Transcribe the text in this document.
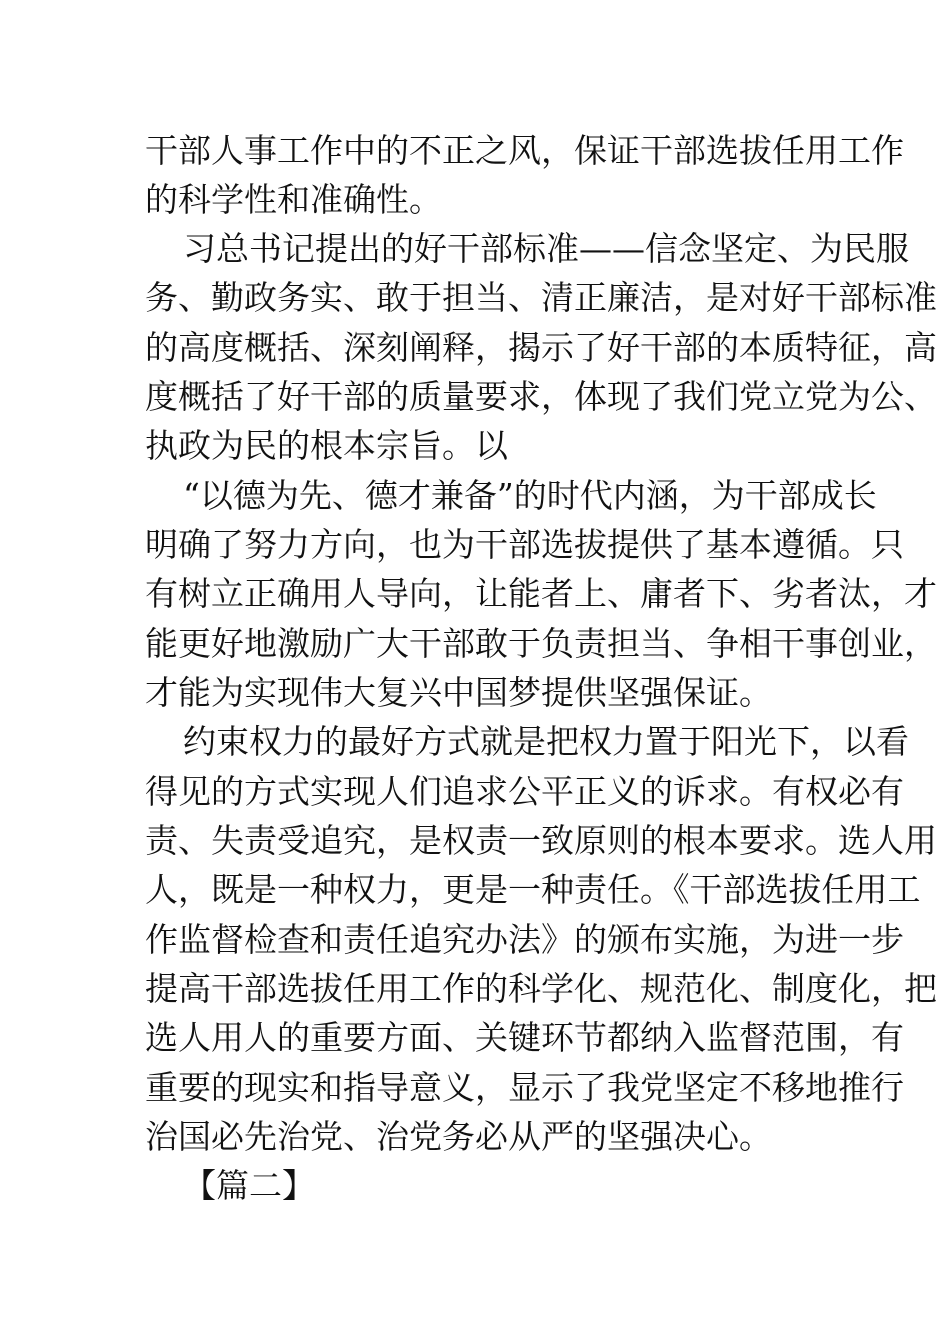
干部人事工作中的不正之风，保证干部选拔任用工作
的科学性和准确性。
习总书记提出的好干部标准——信念坚定、为民服
务、勤政务实、敢于担当、清正廉洁，是对好干部标准
的高度概括、深刻阐释，揭示了好干部的本质特征，高
度概括了好干部的质量要求，体现了我们党立党为公、
执政为民的根本宗旨。以
“以德为先、德才兼备”的时代内涵，为干部成长
明确了努力方向，也为干部选拔提供了基本遵循。只
有树立正确用人导向，让能者上、庸者下、劣者汰，才
能更好地激励广大干部敢于负责担当、争相干事创业，
才能为实现伟大复兴中国梦提供坚强保证。
约束权力的最好方式就是把权力置于阳光下，以看
得见的方式实现人们追求公平正义的诉求。有权必有
责、失责受追究，是权责一致原则的根本要求。选人用
人，既是一种权力，更是一种责任。《干部选拔任用工
作监督检查和责任追究办法》的颁布实施，为进一步
提高干部选拔任用工作的科学化、规范化、制度化，把
选人用人的重要方面、关键环节都纳入监督范围，有
重要的现实和指导意义，显示了我党坚定不移地推行
治国必先治党、治党务必从严的坚强决心。
【篇二】
